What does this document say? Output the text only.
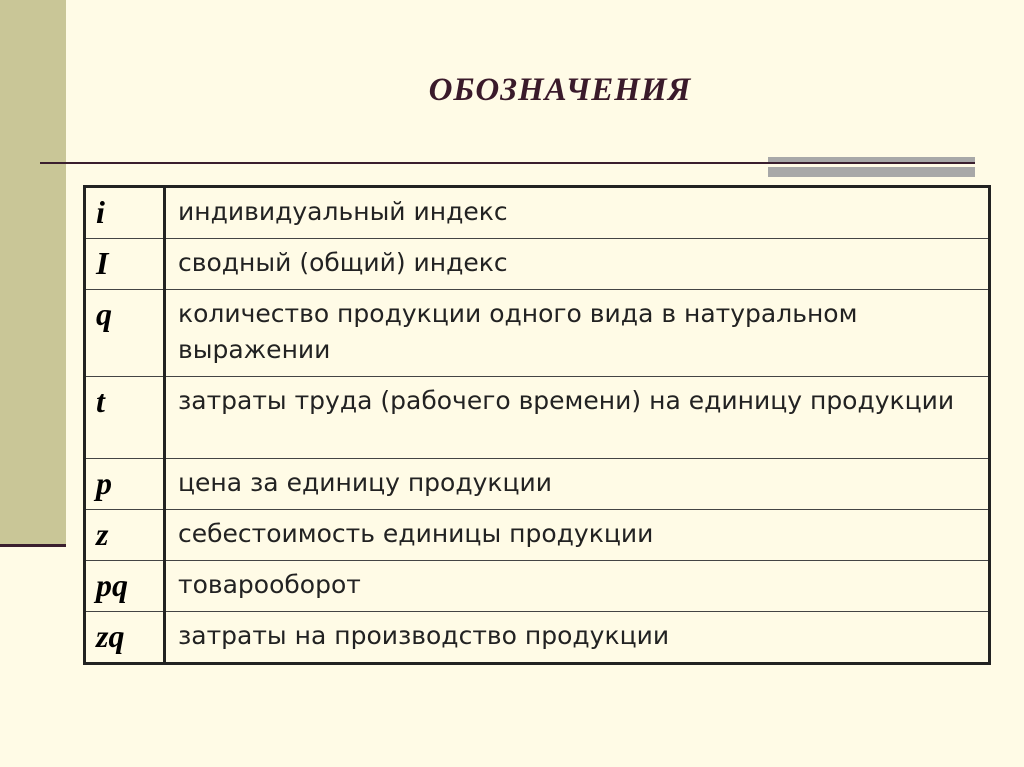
ОБОЗНАЧЕНИЯ
i	индивидуальный индекс
I	сводный (общий) индекс
q	количество продукции одного вида в натуральном выражении
t	затраты труда (рабочего времени) на единицу продукции
p	цена за единицу продукции
z	себестоимость единицы продукции
pq	товарооборот
zq	затраты на производство продукции
